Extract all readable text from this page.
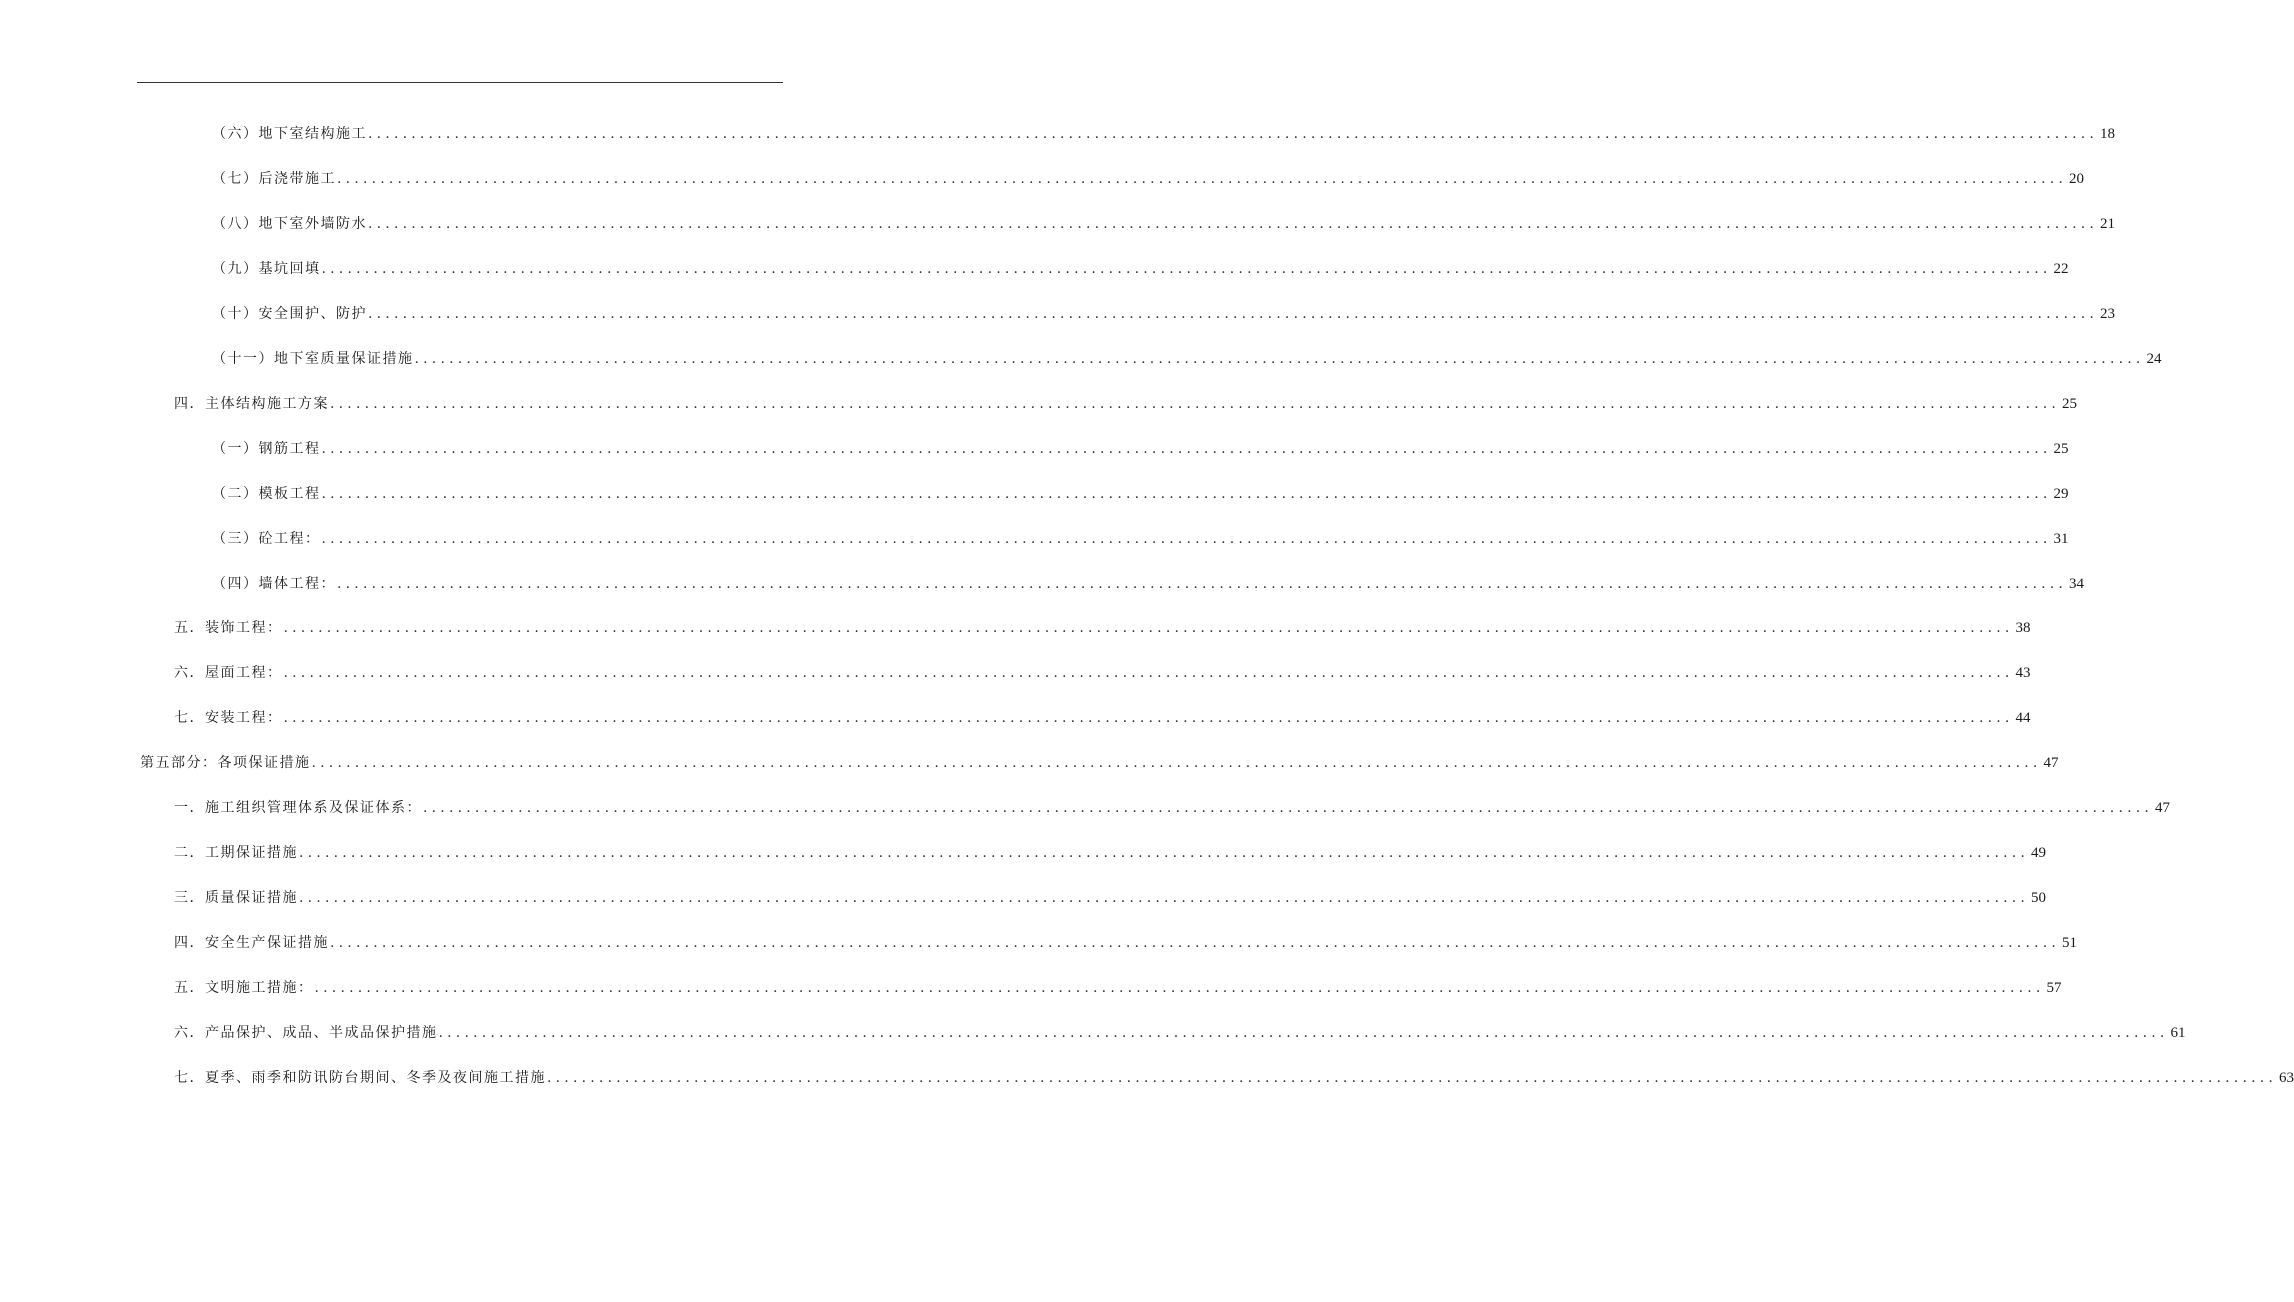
（六）地下室结构施工 ........................................................................................................................................................................................................ 18
（七）后浇带施工 ........................................................................................................................................................................................................ 20
（八）地下室外墙防水 ........................................................................................................................................................................................................ 21
（九）基坑回填 ........................................................................................................................................................................................................ 22
（十）安全围护、防护 ........................................................................................................................................................................................................ 23
（十一）地下室质量保证措施 ........................................................................................................................................................................................................ 24
四．主体结构施工方案 ........................................................................................................................................................................................................ 25
（一）钢筋工程 ........................................................................................................................................................................................................ 25
（二）模板工程 ........................................................................................................................................................................................................ 29
（三）砼工程： ........................................................................................................................................................................................................ 31
（四）墙体工程： ........................................................................................................................................................................................................ 34
五．装饰工程： ........................................................................................................................................................................................................ 38
六．屋面工程： ........................................................................................................................................................................................................ 43
七．安装工程： ........................................................................................................................................................................................................ 44
第五部分：各项保证措施 ........................................................................................................................................................................................................ 47
一．施工组织管理体系及保证体系： ........................................................................................................................................................................................................ 47
二．工期保证措施 ........................................................................................................................................................................................................ 49
三．质量保证措施 ........................................................................................................................................................................................................ 50
四．安全生产保证措施 ........................................................................................................................................................................................................ 51
五．文明施工措施： ........................................................................................................................................................................................................ 57
六．产品保护、成品、半成品保护措施 ........................................................................................................................................................................................................ 61
七．夏季、雨季和防讯防台期间、冬季及夜间施工措施 ........................................................................................................................................................................................................ 63
